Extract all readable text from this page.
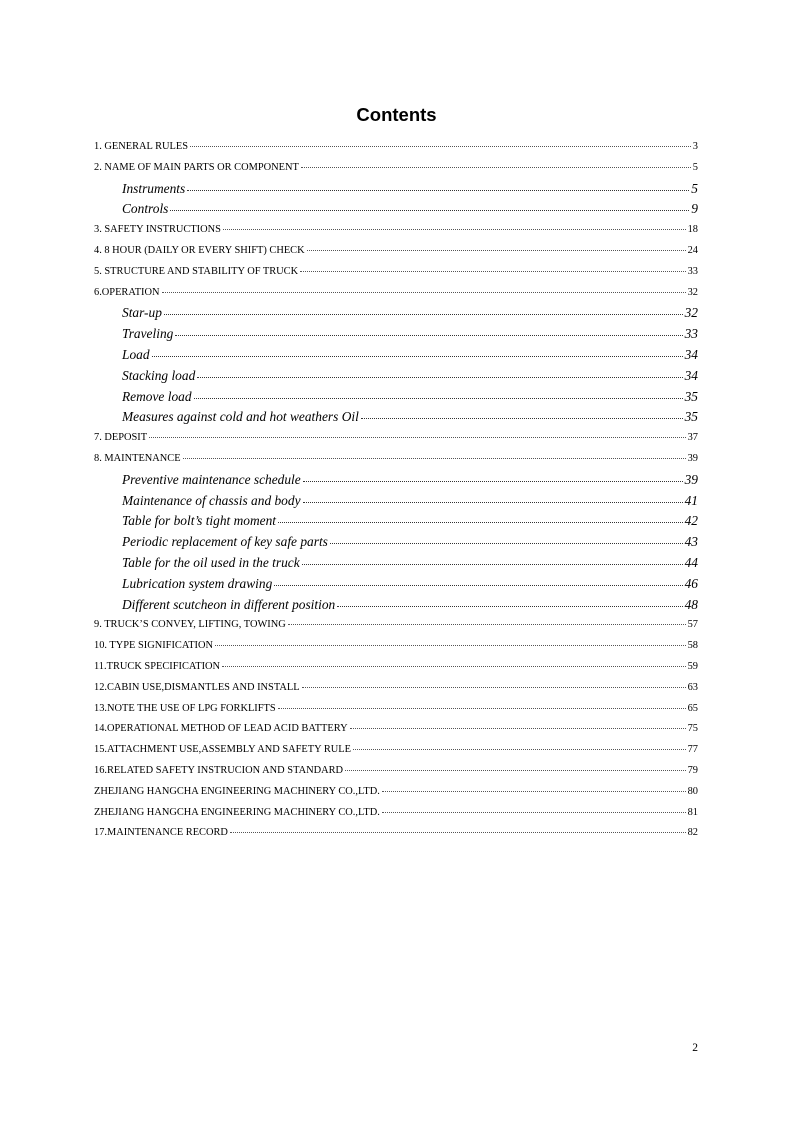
Contents
1. GENERAL RULES	3
2. NAME OF MAIN PARTS OR COMPONENT	5
Instruments	5
Controls	9
3. SAFETY INSTRUCTIONS	18
4. 8 HOUR (DAILY OR EVERY SHIFT) CHECK	24
5. STRUCTURE AND STABILITY OF TRUCK	33
6.OPERATION	32
Star-up	32
Traveling	33
Load	34
Stacking load	34
Remove load	35
Measures against cold and hot weathers Oil	35
7. DEPOSIT	37
8. MAINTENANCE	39
Preventive maintenance schedule	39
Maintenance of chassis and body	41
Table for bolt’s tight moment	42
Periodic replacement of key safe parts	43
Table for the oil used in the truck	44
Lubrication system drawing	46
Different scutcheon in different position	48
9. TRUCK’S CONVEY, LIFTING, TOWING	57
10. TYPE SIGNIFICATION	58
11.TRUCK SPECIFICATION	59
12.CABIN USE,DISMANTLES AND INSTALL	63
13.NOTE THE USE OF LPG FORKLIFTS	65
14.OPERATIONAL METHOD OF LEAD ACID BATTERY	75
15.ATTACHMENT USE,ASSEMBLY AND SAFETY RULE	77
16.RELATED SAFETY INSTRUCION AND STANDARD	79
ZHEJIANG HANGCHA ENGINEERING MACHINERY CO.,LTD.	80
ZHEJIANG HANGCHA ENGINEERING MACHINERY CO.,LTD.	81
17.MAINTENANCE RECORD	82
2
